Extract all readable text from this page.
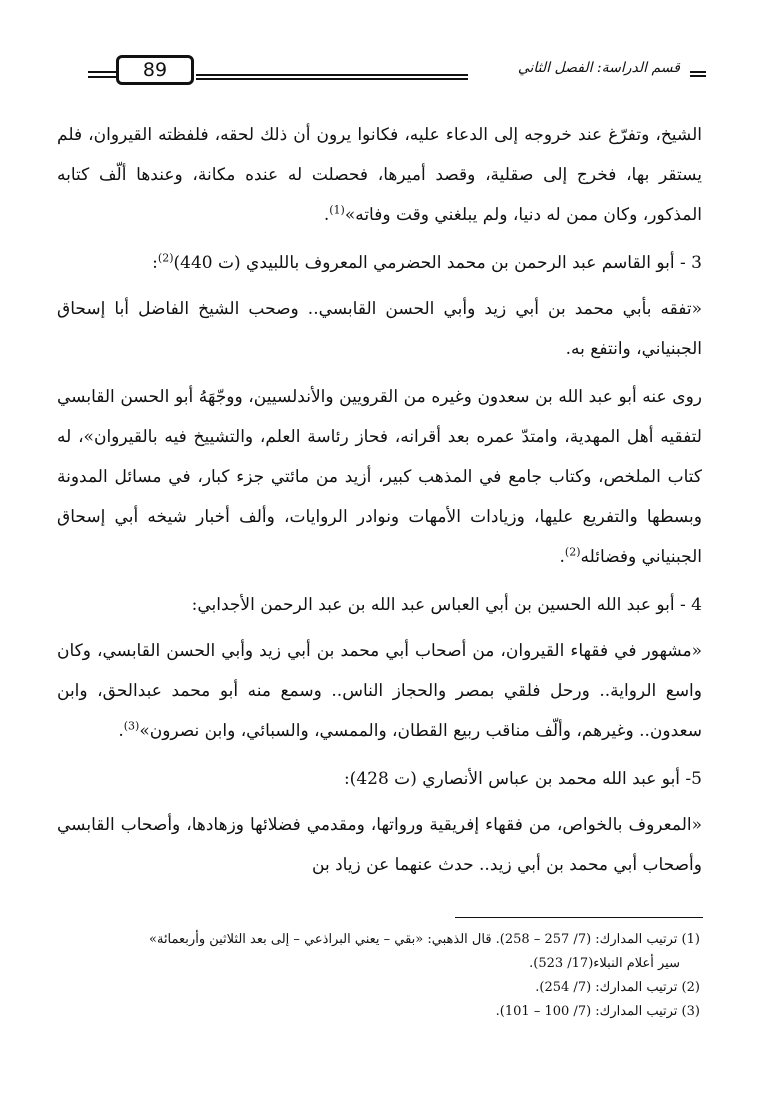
قسم الدراسة: الفصل الثاني
89

الشيخ، وتفرّغ عند خروجه إلى الدعاء عليه، فكانوا يرون أن ذلك لحقه، فلفظته القيروان، فلم يستقر بها، فخرج إلى صقلية، وقصد أميرها، فحصلت له عنده مكانة، وعندها ألّف كتابه المذكور، وكان ممن له دنيا، ولم يبلغني وقت وفاته»$^{(1)}$.

3 - أبو القاسم عبد الرحمن بن محمد الحضرمي المعروف باللبيدي (ت 440)$^{(2)}$:

«تفقه بأبي محمد بن أبي زيد وأبي الحسن القابسي.. وصحب الشيخ الفاضل أبا إسحاق الجبنياني، وانتفع به.

روى عنه أبو عبد الله بن سعدون وغيره من القرويين والأندلسيين، ووجّهَهُ أبو الحسن القابسي لتفقيه أهل المهدية، وامتدّ عمره بعد أقرانه، فحاز رئاسة العلم، والتشييخ فيه بالقيروان»، له كتاب الملخص، وكتاب جامع في المذهب كبير، أزيد من مائتي جزء كبار، في مسائل المدونة وبسطها والتفريع عليها، وزيادات الأمهات ونوادر الروايات، وألف أخبار شيخه أبي إسحاق الجبنياني وفضائله$^{(2)}$.

4 - أبو عبد الله الحسين بن أبي العباس عبد الله بن عبد الرحمن الأجدابي:

«مشهور في فقهاء القيروان، من أصحاب أبي محمد بن أبي زيد وأبي الحسن القابسي، وكان واسع الرواية.. ورحل فلقي بمصر والحجاز الناس.. وسمع منه أبو محمد عبدالحق، وابن سعدون.. وغيرهم، وألّف مناقب ربيع القطان، والممسي، والسبائي، وابن نصرون»$^{(3)}$.

5- أبو عبد الله محمد بن عباس الأنصاري (ت 428):

«المعروف بالخواص، من فقهاء إفريقية ورواتها، ومقدمي فضلائها وزهادها، وأصحاب القابسي وأصحاب أبي محمد بن أبي زيد.. حدث عنهما عن زياد بن

(1) ترتيب المدارك: (7/ 257 – 258). قال الذهبي: «بقي – يعني البراذعي – إلى بعد الثلاثين وأربعمائة»

سير أعلام النبلاء(17/ 523).

(2) ترتيب المدارك: (7/ 254).

(3) ترتيب المدارك: (7/ 100 – 101).
